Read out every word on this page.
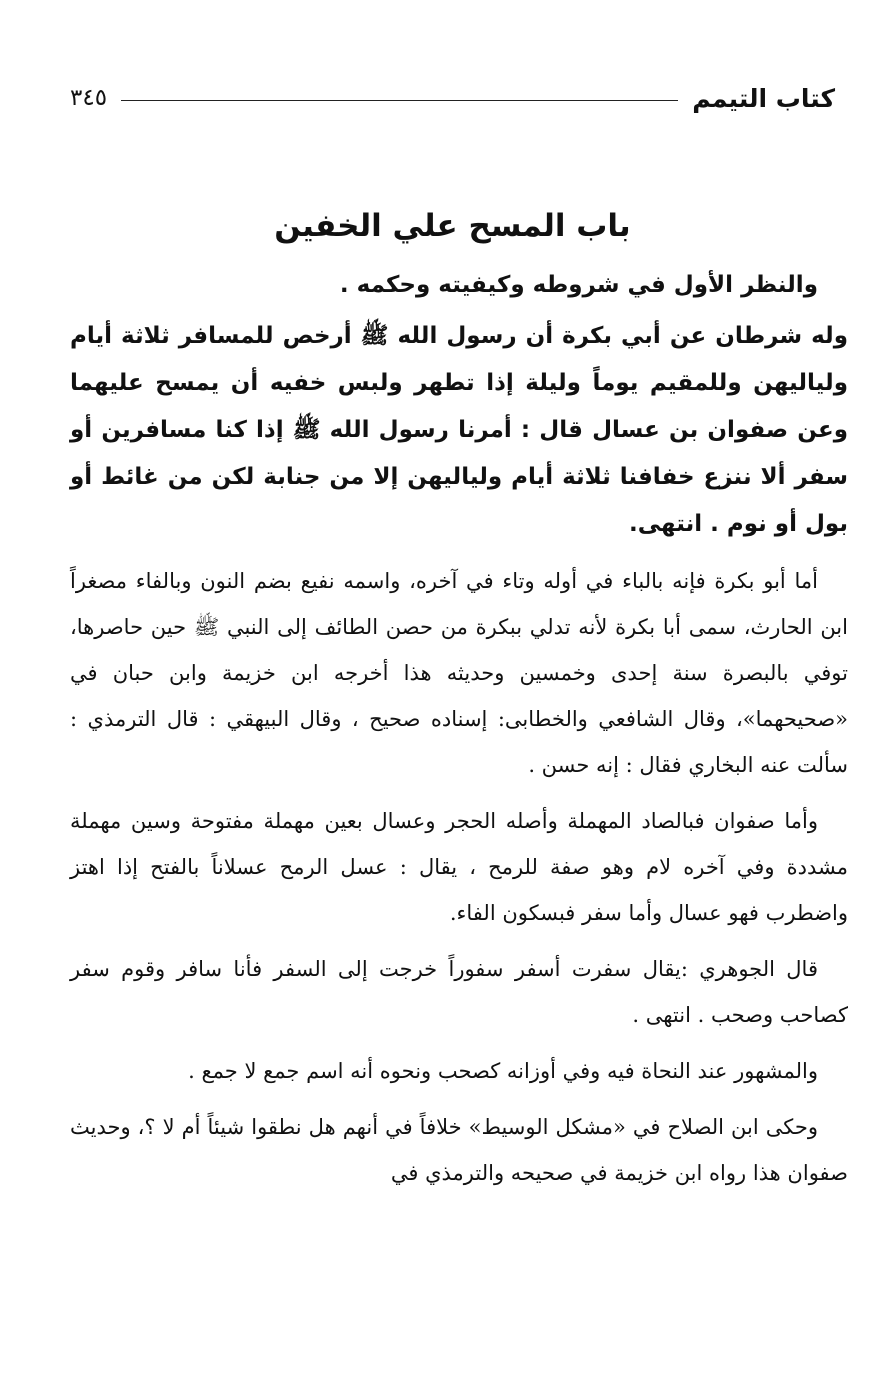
كتاب التيمم
٣٤٥
باب المسح علي الخفين

والنظر الأول في شروطه وكيفيته وحكمه .

وله شرطان عن أبي بكرة أن رسول الله ﷺ أرخص للمسافر ثلاثة أيام ولياليهن وللمقيم يوماً وليلة إذا تطهر ولبس خفيه أن يمسح عليهما وعن صفوان بن عسال قال : أمرنا رسول الله ﷺ إذا كنا مسافرين أو سفر ألا ننزع خفافنا ثلاثة أيام ولياليهن إلا من جنابة لكن من غائط أو بول أو نوم . انتهى.

أما أبو بكرة فإنه بالباء في أوله وتاء في آخره، واسمه نفيع بضم النون وبالفاء مصغراً ابن الحارث، سمى أبا بكرة لأنه تدلي ببكرة من حصن الطائف إلى النبي ﷺ حين حاصرها، توفي بالبصرة سنة إحدى وخمسين وحديثه هذا أخرجه ابن خزيمة وابن حبان في «صحيحهما»، وقال الشافعي والخطابى: إسناده صحيح ، وقال البيهقي : قال الترمذي : سألت عنه البخاري فقال : إنه حسن .

وأما صفوان فبالصاد المهملة وأصله الحجر وعسال بعين مهملة مفتوحة وسين مهملة مشددة وفي آخره لام وهو صفة للرمح ، يقال : عسل الرمح عسلاناً بالفتح إذا اهتز واضطرب فهو عسال وأما سفر فبسكون الفاء.

قال الجوهري :يقال سفرت أسفر سفوراً خرجت إلى السفر فأنا سافر وقوم سفر كصاحب وصحب . انتهى .

والمشهور عند النحاة فيه وفي أوزانه كصحب ونحوه أنه اسم جمع لا جمع .

وحكى ابن الصلاح في «مشكل الوسيط» خلافاً في أنهم هل نطقوا شيئاً أم لا ؟، وحديث صفوان هذا رواه ابن خزيمة في صحيحه والترمذي في
